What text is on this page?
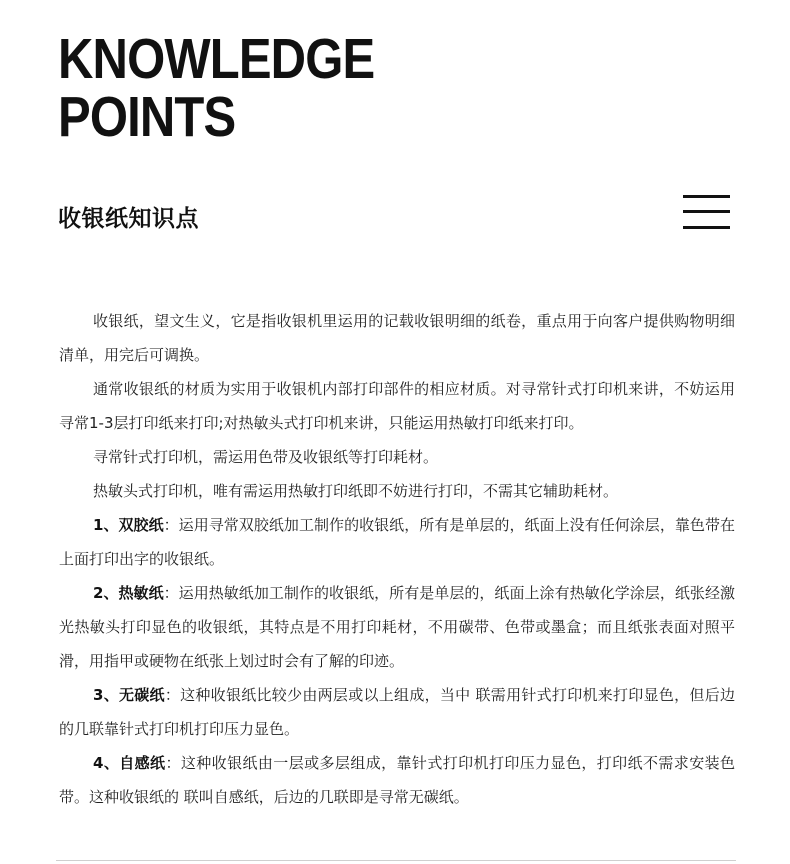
KNOWLEDGE
POINTS
收银纸知识点

收银纸，望文生义，它是指收银机里运用的记载收银明细的纸卷，重点用于向客户提供购物明细清单，用完后可调换。

通常收银纸的材质为实用于收银机内部打印部件的相应材质。对寻常针式打印机来讲，不妨运用寻常1-3层打印纸来打印;对热敏头式打印机来讲，只能运用热敏打印纸来打印。

寻常针式打印机，需运用色带及收银纸等打印耗材。

热敏头式打印机，唯有需运用热敏打印纸即不妨进行打印，不需其它辅助耗材。

1、双胶纸：运用寻常双胶纸加工制作的收银纸，所有是单层的，纸面上没有任何涂层，靠色带在上面打印出字的收银纸。

2、热敏纸：运用热敏纸加工制作的收银纸，所有是单层的，纸面上涂有热敏化学涂层，纸张经激光热敏头打印显色的收银纸，其特点是不用打印耗材，不用碳带、色带或墨盒；而且纸张表面对照平滑，用指甲或硬物在纸张上划过时会有了解的印迹。

3、无碳纸：这种收银纸比较少由两层或以上组成，当中 联需用针式打印机来打印显色，但后边的几联靠针式打印机打印压力显色。

4、自感纸：这种收银纸由一层或多层组成，靠针式打印机打印压力显色，打印纸不需求安装色带。这种收银纸的 联叫自感纸，后边的几联即是寻常无碳纸。
